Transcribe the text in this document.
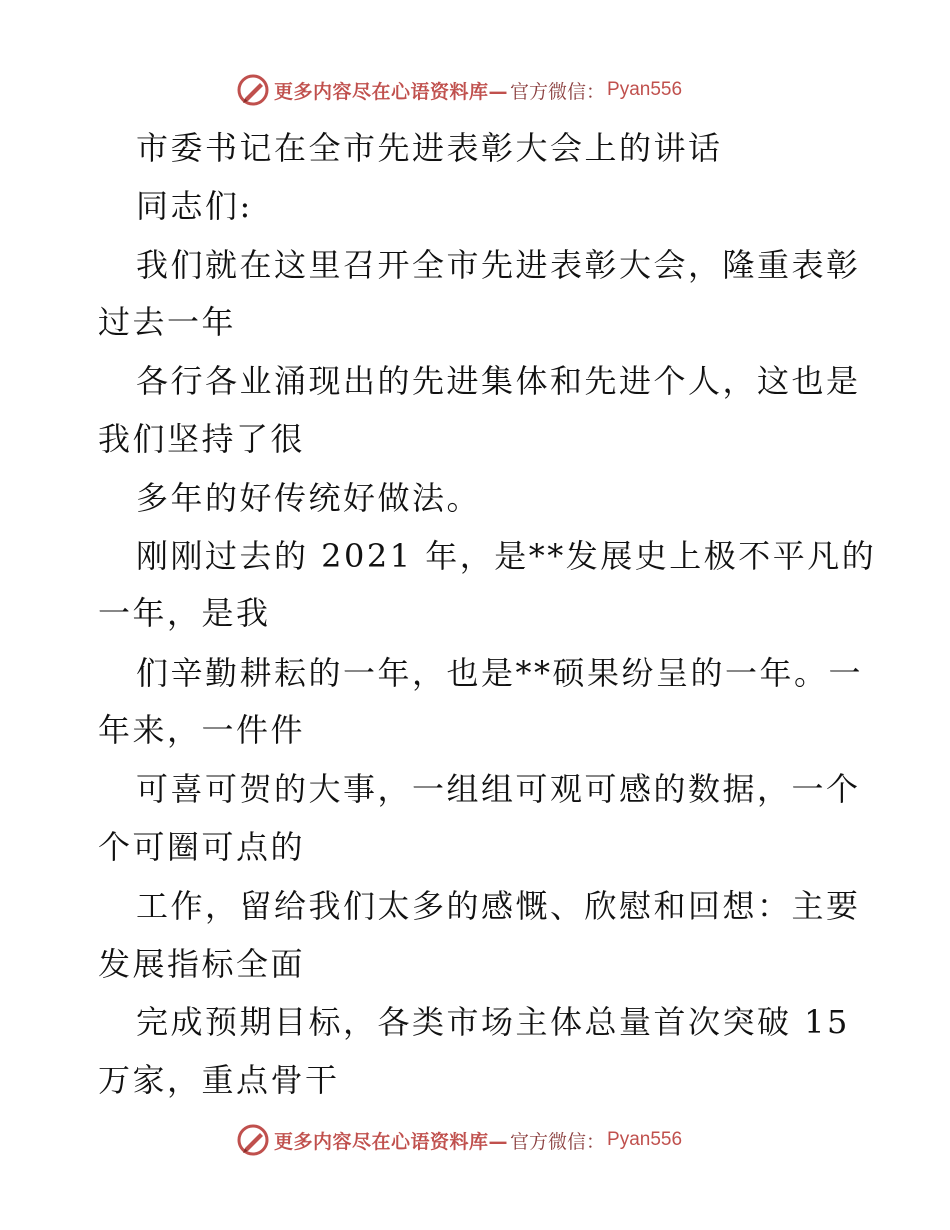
更多内容尽在心语资料库— 官方微信： Pyan556
市委书记在全市先进表彰大会上的讲话
同志们:
我们就在这里召开全市先进表彰大会，隆重表彰
过去一年
各行各业涌现出的先进集体和先进个人，这也是
我们坚持了很
多年的好传统好做法。
刚刚过去的 2021 年，是**发展史上极不平凡的
一年，是我
们辛勤耕耘的一年，也是**硕果纷呈的一年。一
年来，一件件
可喜可贺的大事，一组组可观可感的数据，一个
个可圈可点的
工作，留给我们太多的感慨、欣慰和回想：主要
发展指标全面
完成预期目标，各类市场主体总量首次突破 15
万家，重点骨干
更多内容尽在心语资料库— 官方微信： Pyan556
